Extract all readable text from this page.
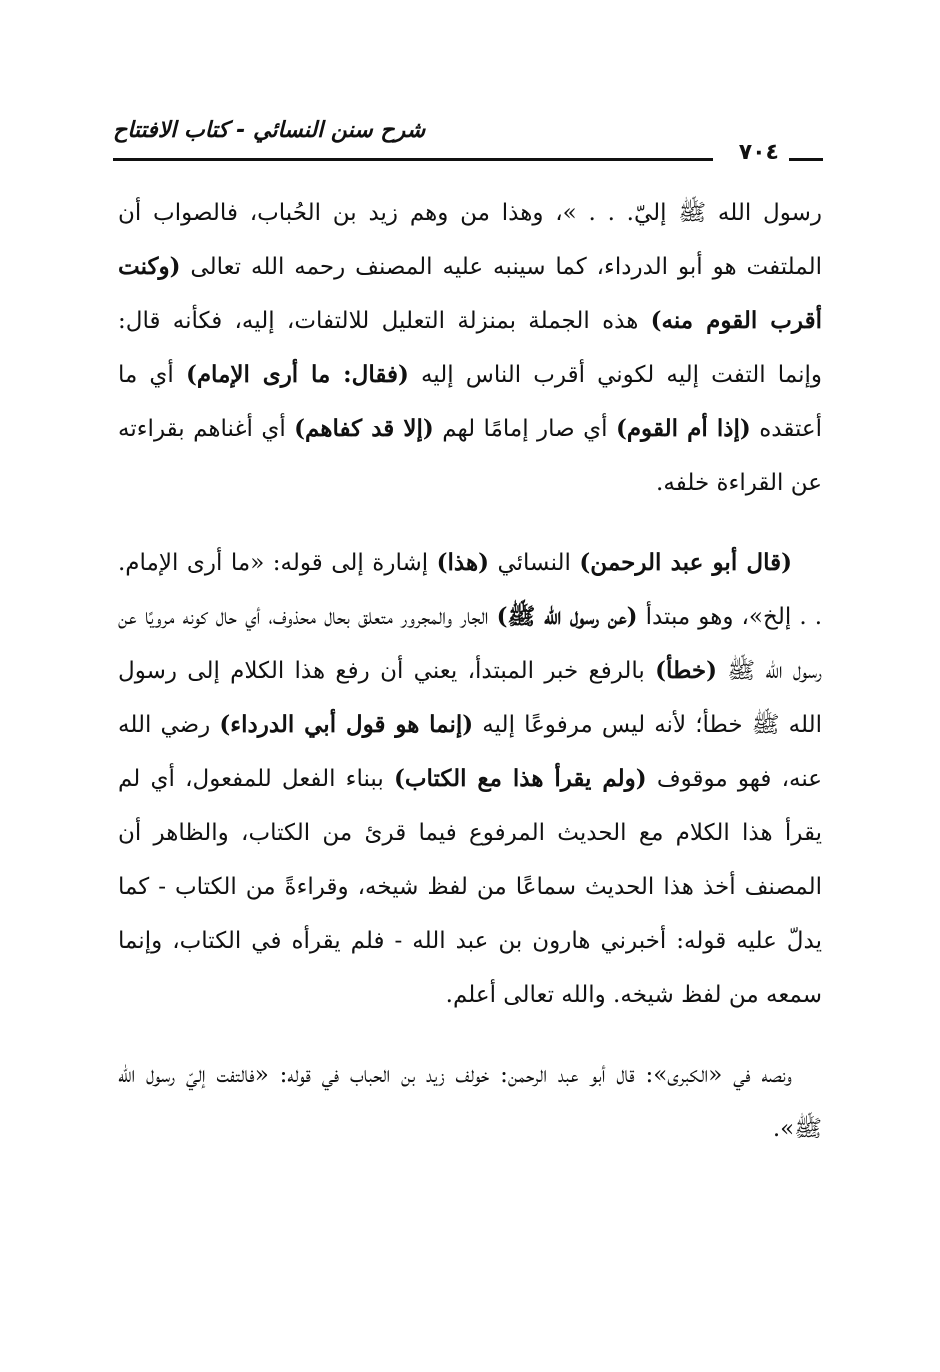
شرح سنن النسائي - كتاب الافتتاح
٧٠٤

رسول الله ﷺ إليّ. . . »، وهذا من وهم زيد بن الحُباب، فالصواب أن الملتفت هو أبو الدرداء، كما سينبه عليه المصنف رحمه الله تعالى (وكنت أقرب القوم منه) هذه الجملة بمنزلة التعليل للالتفات، إليه، فكأنه قال: وإنما التفت إليه لكوني أقرب الناس إليه (فقال: ما أرى الإمام) أي ما أعتقده (إذا أم القوم) أي صار إمامًا لهم (إلا قد كفاهم) أي أغناهم بقراءته عن القراءة خلفه.

(قال أبو عبد الرحمن) النسائي (هذا) إشارة إلى قوله: «ما أرى الإمام. . . إلخ»، وهو مبتدأ (عن رسول الله ﷺ) الجار والمجرور متعلق بحال محذوف، أي حال كونه مرويًا عن رسول الله ﷺ (خطأ) بالرفع خبر المبتدأ، يعني أن رفع هذا الكلام إلى رسول الله ﷺ خطأ؛ لأنه ليس مرفوعًا إليه (إنما هو قول أبي الدرداء) رضي الله عنه، فهو موقوف (ولم يقرأ هذا مع الكتاب) ببناء الفعل للمفعول، أي لم يقرأ هذا الكلام مع الحديث المرفوع فيما قرئ من الكتاب، والظاهر أن المصنف أخذ هذا الحديث سماعًا من لفظ شيخه، وقراءةً من الكتاب - كما يدلّ عليه قوله: أخبرني هارون بن عبد الله - فلم يقرأه في الكتاب، وإنما سمعه من لفظ شيخه. والله تعالى أعلم.

ونصه في «الكبرى»: قال أبو عبد الرحمن: خولف زيد بن الحباب في قوله: «فالتفت إليّ رسول الله ﷺ».
